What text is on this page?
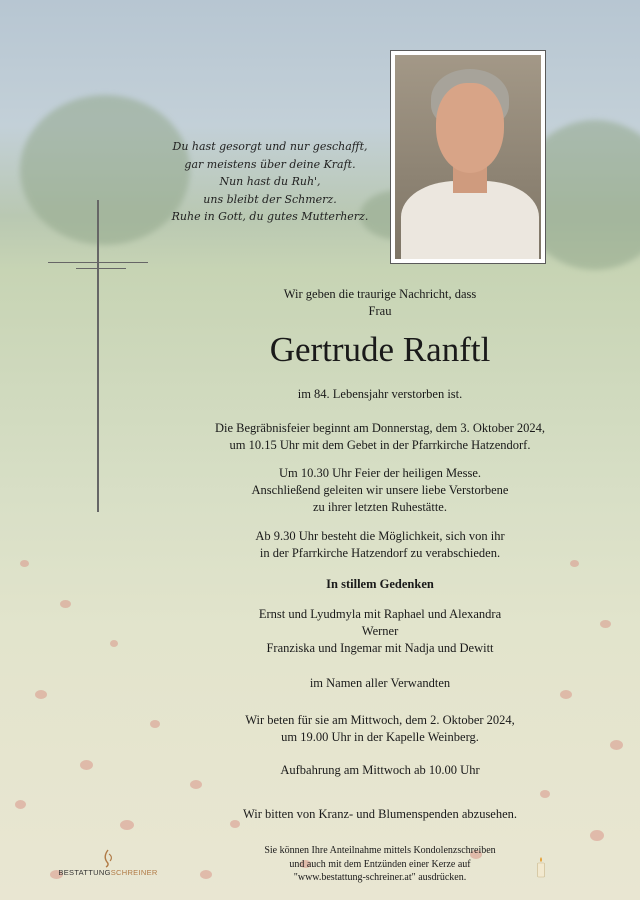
Du hast gesorgt und nur geschafft,
gar meistens über deine Kraft.
Nun hast du Ruh',
uns bleibt der Schmerz.
Ruhe in Gott, du gutes Mutterherz.
Wir geben die traurige Nachricht, dass
Frau
Gertrude Ranftl
im 84. Lebensjahr verstorben ist.
Die Begräbnisfeier beginnt am Donnerstag, dem 3. Oktober 2024,
um 10.15 Uhr mit dem Gebet in der Pfarrkirche Hatzendorf.
Um 10.30 Uhr Feier der heiligen Messe.
Anschließend geleiten wir unsere liebe Verstorbene
zu ihrer letzten Ruhestätte.
Ab 9.30 Uhr besteht die Möglichkeit, sich von ihr
in der Pfarrkirche Hatzendorf zu verabschieden.
In stillem Gedenken
Ernst und Lyudmyla mit Raphael und Alexandra
Werner
Franziska und Ingemar mit Nadja und Dewitt
im Namen aller Verwandten
Wir beten für sie am Mittwoch, dem 2. Oktober 2024,
um 19.00 Uhr in der Kapelle Weinberg.
Aufbahrung am Mittwoch ab 10.00 Uhr
Wir bitten von Kranz- und Blumenspenden abzusehen.
Sie können Ihre Anteilnahme mittels Kondolenzschreiben
und auch mit dem Entzünden einer Kerze auf
"www.bestattung-schreiner.at" ausdrücken.
BESTATTUNGSCHREINER
